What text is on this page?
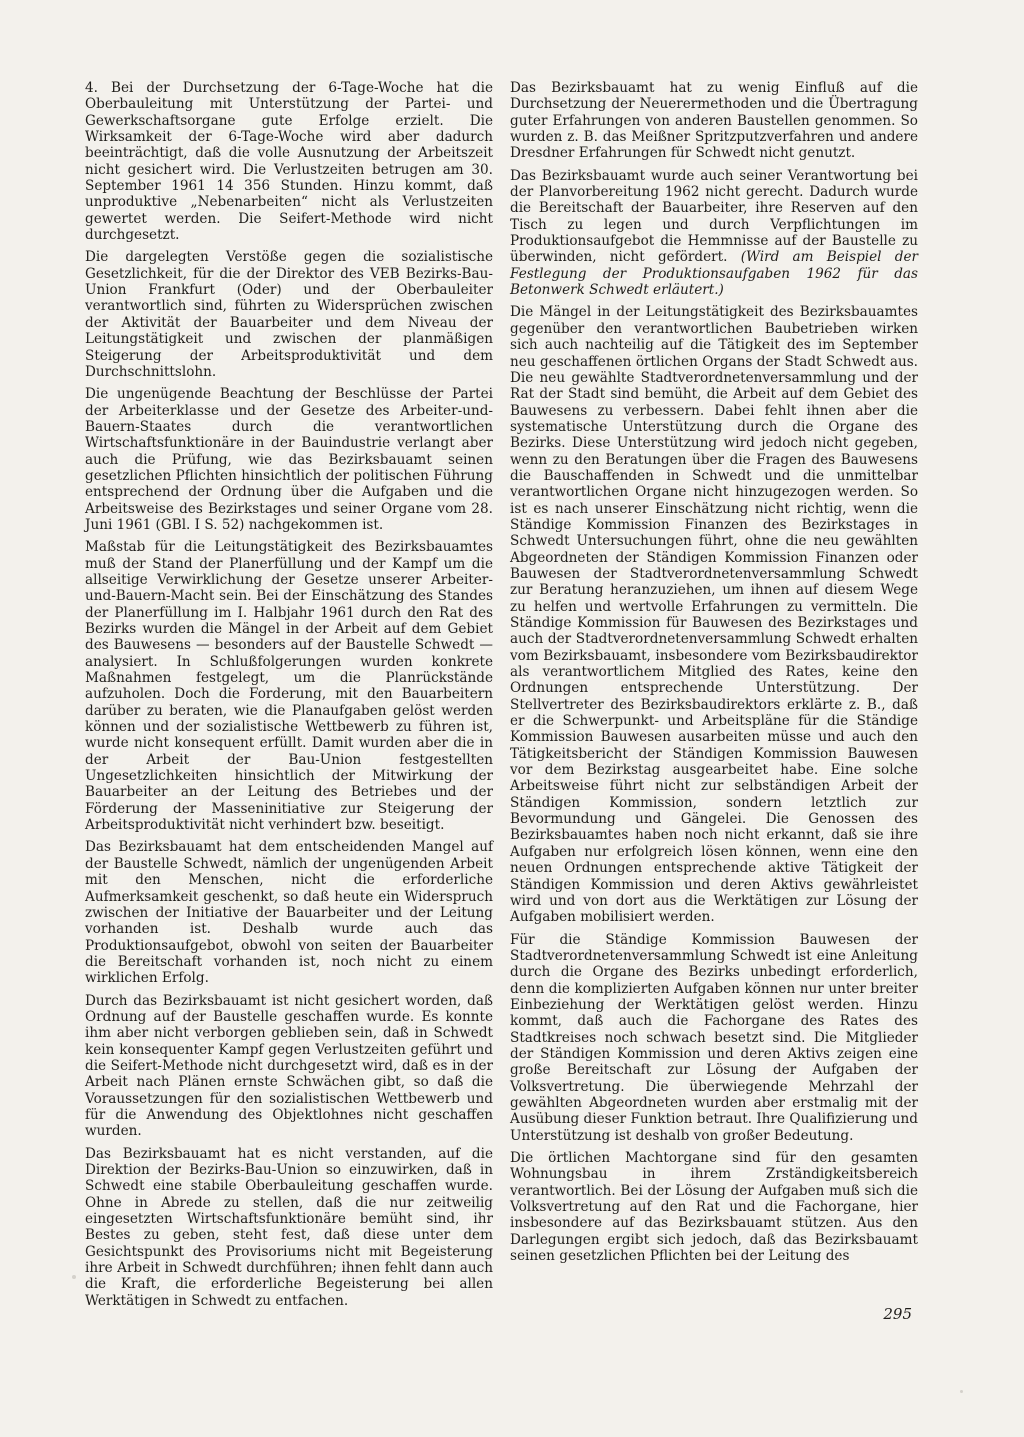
4. Bei der Durchsetzung der 6-Tage-Woche hat die Oberbauleitung mit Unterstützung der Partei- und Gewerkschaftsorgane gute Erfolge erzielt. Die Wirksamkeit der 6-Tage-Woche wird aber dadurch beeinträchtigt, daß die volle Ausnutzung der Arbeitszeit nicht gesichert wird. Die Verlustzeiten betrugen am 30. September 1961 14 356 Stunden. Hinzu kommt, daß unproduktive „Nebenarbeiten“ nicht als Verlustzeiten gewertet werden. Die Seifert-Methode wird nicht durchgesetzt.

Die dargelegten Verstöße gegen die sozialistische Gesetzlichkeit, für die der Direktor des VEB Bezirks-Bau-Union Frankfurt (Oder) und der Oberbauleiter verantwortlich sind, führten zu Widersprüchen zwischen der Aktivität der Bauarbeiter und dem Niveau der Leitungstätigkeit und zwischen der planmäßigen Steigerung der Arbeitsproduktivität und dem Durchschnittslohn.

Die ungenügende Beachtung der Beschlüsse der Partei der Arbeiterklasse und der Gesetze des Arbeiter-und-Bauern-Staates durch die verantwortlichen Wirtschaftsfunktionäre in der Bauindustrie verlangt aber auch die Prüfung, wie das Bezirksbauamt seinen gesetzlichen Pflichten hinsichtlich der politischen Führung entsprechend der Ordnung über die Aufgaben und die Arbeitsweise des Bezirkstages und seiner Organe vom 28. Juni 1961 (GBl. I S. 52) nachgekommen ist.

Maßstab für die Leitungstätigkeit des Bezirksbauamtes muß der Stand der Planerfüllung und der Kampf um die allseitige Verwirklichung der Gesetze unserer Arbeiter-und-Bauern-Macht sein. Bei der Einschätzung des Standes der Planerfüllung im I. Halbjahr 1961 durch den Rat des Bezirks wurden die Mängel in der Arbeit auf dem Gebiet des Bauwesens — besonders auf der Baustelle Schwedt — analysiert. In Schlußfolgerungen wurden konkrete Maßnahmen festgelegt, um die Planrückstände aufzuholen. Doch die Forderung, mit den Bauarbeitern darüber zu beraten, wie die Planaufgaben gelöst werden können und der sozialistische Wettbewerb zu führen ist, wurde nicht konsequent erfüllt. Damit wurden aber die in der Arbeit der Bau-Union festgestellten Ungesetzlichkeiten hinsichtlich der Mitwirkung der Bauarbeiter an der Leitung des Betriebes und der Förderung der Masseninitiative zur Steigerung der Arbeitsproduktivität nicht verhindert bzw. beseitigt.

Das Bezirksbauamt hat dem entscheidenden Mangel auf der Baustelle Schwedt, nämlich der ungenügenden Arbeit mit den Menschen, nicht die erforderliche Aufmerksamkeit geschenkt, so daß heute ein Widerspruch zwischen der Initiative der Bauarbeiter und der Leitung vorhanden ist. Deshalb wurde auch das Produktionsaufgebot, obwohl von seiten der Bauarbeiter die Bereitschaft vorhanden ist, noch nicht zu einem wirklichen Erfolg.

Durch das Bezirksbauamt ist nicht gesichert worden, daß Ordnung auf der Baustelle geschaffen wurde. Es konnte ihm aber nicht verborgen geblieben sein, daß in Schwedt kein konsequenter Kampf gegen Verlustzeiten geführt und die Seifert-Methode nicht durchgesetzt wird, daß es in der Arbeit nach Plänen ernste Schwächen gibt, so daß die Voraussetzungen für den sozialistischen Wettbewerb und für die Anwendung des Objektlohnes nicht geschaffen wurden.

Das Bezirksbauamt hat es nicht verstanden, auf die Direktion der Bezirks-Bau-Union so einzuwirken, daß in Schwedt eine stabile Oberbauleitung geschaffen wurde. Ohne in Abrede zu stellen, daß die nur zeitweilig eingesetzten Wirtschaftsfunktionäre bemüht sind, ihr Bestes zu geben, steht fest, daß diese unter dem Gesichtspunkt des Provisoriums nicht mit Begeisterung ihre Arbeit in Schwedt durchführen; ihnen fehlt dann auch die Kraft, die erforderliche Begeisterung bei allen Werktätigen in Schwedt zu entfachen.

Das Bezirksbauamt hat zu wenig Einfluß auf die Durchsetzung der Neuerermethoden und die Übertragung guter Erfahrungen von anderen Baustellen genommen. So wurden z. B. das Meißner Spritzputzverfahren und andere Dresdner Erfahrungen für Schwedt nicht genutzt.

Das Bezirksbauamt wurde auch seiner Verantwortung bei der Planvorbereitung 1962 nicht gerecht. Dadurch wurde die Bereitschaft der Bauarbeiter, ihre Reserven auf den Tisch zu legen und durch Verpflichtungen im Produktionsaufgebot die Hemmnisse auf der Baustelle zu überwinden, nicht gefördert. (Wird am Beispiel der Festlegung der Produktionsaufgaben 1962 für das Betonwerk Schwedt erläutert.)

Die Mängel in der Leitungstätigkeit des Bezirksbauamtes gegenüber den verantwortlichen Baubetrieben wirken sich auch nachteilig auf die Tätigkeit des im September neu geschaffenen örtlichen Organs der Stadt Schwedt aus. Die neu gewählte Stadtverordnetenversammlung und der Rat der Stadt sind bemüht, die Arbeit auf dem Gebiet des Bauwesens zu verbessern. Dabei fehlt ihnen aber die systematische Unterstützung durch die Organe des Bezirks. Diese Unterstützung wird jedoch nicht gegeben, wenn zu den Beratungen über die Fragen des Bauwesens die Bauschaffenden in Schwedt und die unmittelbar verantwortlichen Organe nicht hinzugezogen werden. So ist es nach unserer Einschätzung nicht richtig, wenn die Ständige Kommission Finanzen des Bezirkstages in Schwedt Untersuchungen führt, ohne die neu gewählten Abgeordneten der Ständigen Kommission Finanzen oder Bauwesen der Stadtverordnetenversammlung Schwedt zur Beratung heranzuziehen, um ihnen auf diesem Wege zu helfen und wertvolle Erfahrungen zu vermitteln. Die Ständige Kommission für Bauwesen des Bezirkstages und auch der Stadtverordnetenversammlung Schwedt erhalten vom Bezirksbauamt, insbesondere vom Bezirksbaudirektor als verantwortlichem Mitglied des Rates, keine den Ordnungen entsprechende Unterstützung. Der Stellvertreter des Bezirksbaudirektors erklärte z. B., daß er die Schwerpunkt- und Arbeitspläne für die Ständige Kommission Bauwesen ausarbeiten müsse und auch den Tätigkeitsbericht der Ständigen Kommission Bauwesen vor dem Bezirkstag ausgearbeitet habe. Eine solche Arbeitsweise führt nicht zur selbständigen Arbeit der Ständigen Kommission, sondern letztlich zur Bevormundung und Gängelei. Die Genossen des Bezirksbauamtes haben noch nicht erkannt, daß sie ihre Aufgaben nur erfolgreich lösen können, wenn eine den neuen Ordnungen entsprechende aktive Tätigkeit der Ständigen Kommission und deren Aktivs gewährleistet wird und von dort aus die Werktätigen zur Lösung der Aufgaben mobilisiert werden.

Für die Ständige Kommission Bauwesen der Stadtverordnetenversammlung Schwedt ist eine Anleitung durch die Organe des Bezirks unbedingt erforderlich, denn die komplizierten Aufgaben können nur unter breiter Einbeziehung der Werktätigen gelöst werden. Hinzu kommt, daß auch die Fachorgane des Rates des Stadtkreises noch schwach besetzt sind. Die Mitglieder der Ständigen Kommission und deren Aktivs zeigen eine große Bereitschaft zur Lösung der Aufgaben der Volksvertretung. Die überwiegende Mehrzahl der gewählten Abgeordneten wurden aber erstmalig mit der Ausübung dieser Funktion betraut. Ihre Qualifizierung und Unterstützung ist deshalb von großer Bedeutung.

Die örtlichen Machtorgane sind für den gesamten Wohnungsbau in ihrem Zrständigkeitsbereich verantwortlich. Bei der Lösung der Aufgaben muß sich die Volksvertretung auf den Rat und die Fachorgane, hier insbesondere auf das Bezirksbauamt stützen. Aus den Darlegungen ergibt sich jedoch, daß das Bezirksbauamt seinen gesetzlichen Pflichten bei der Leitung des

295
